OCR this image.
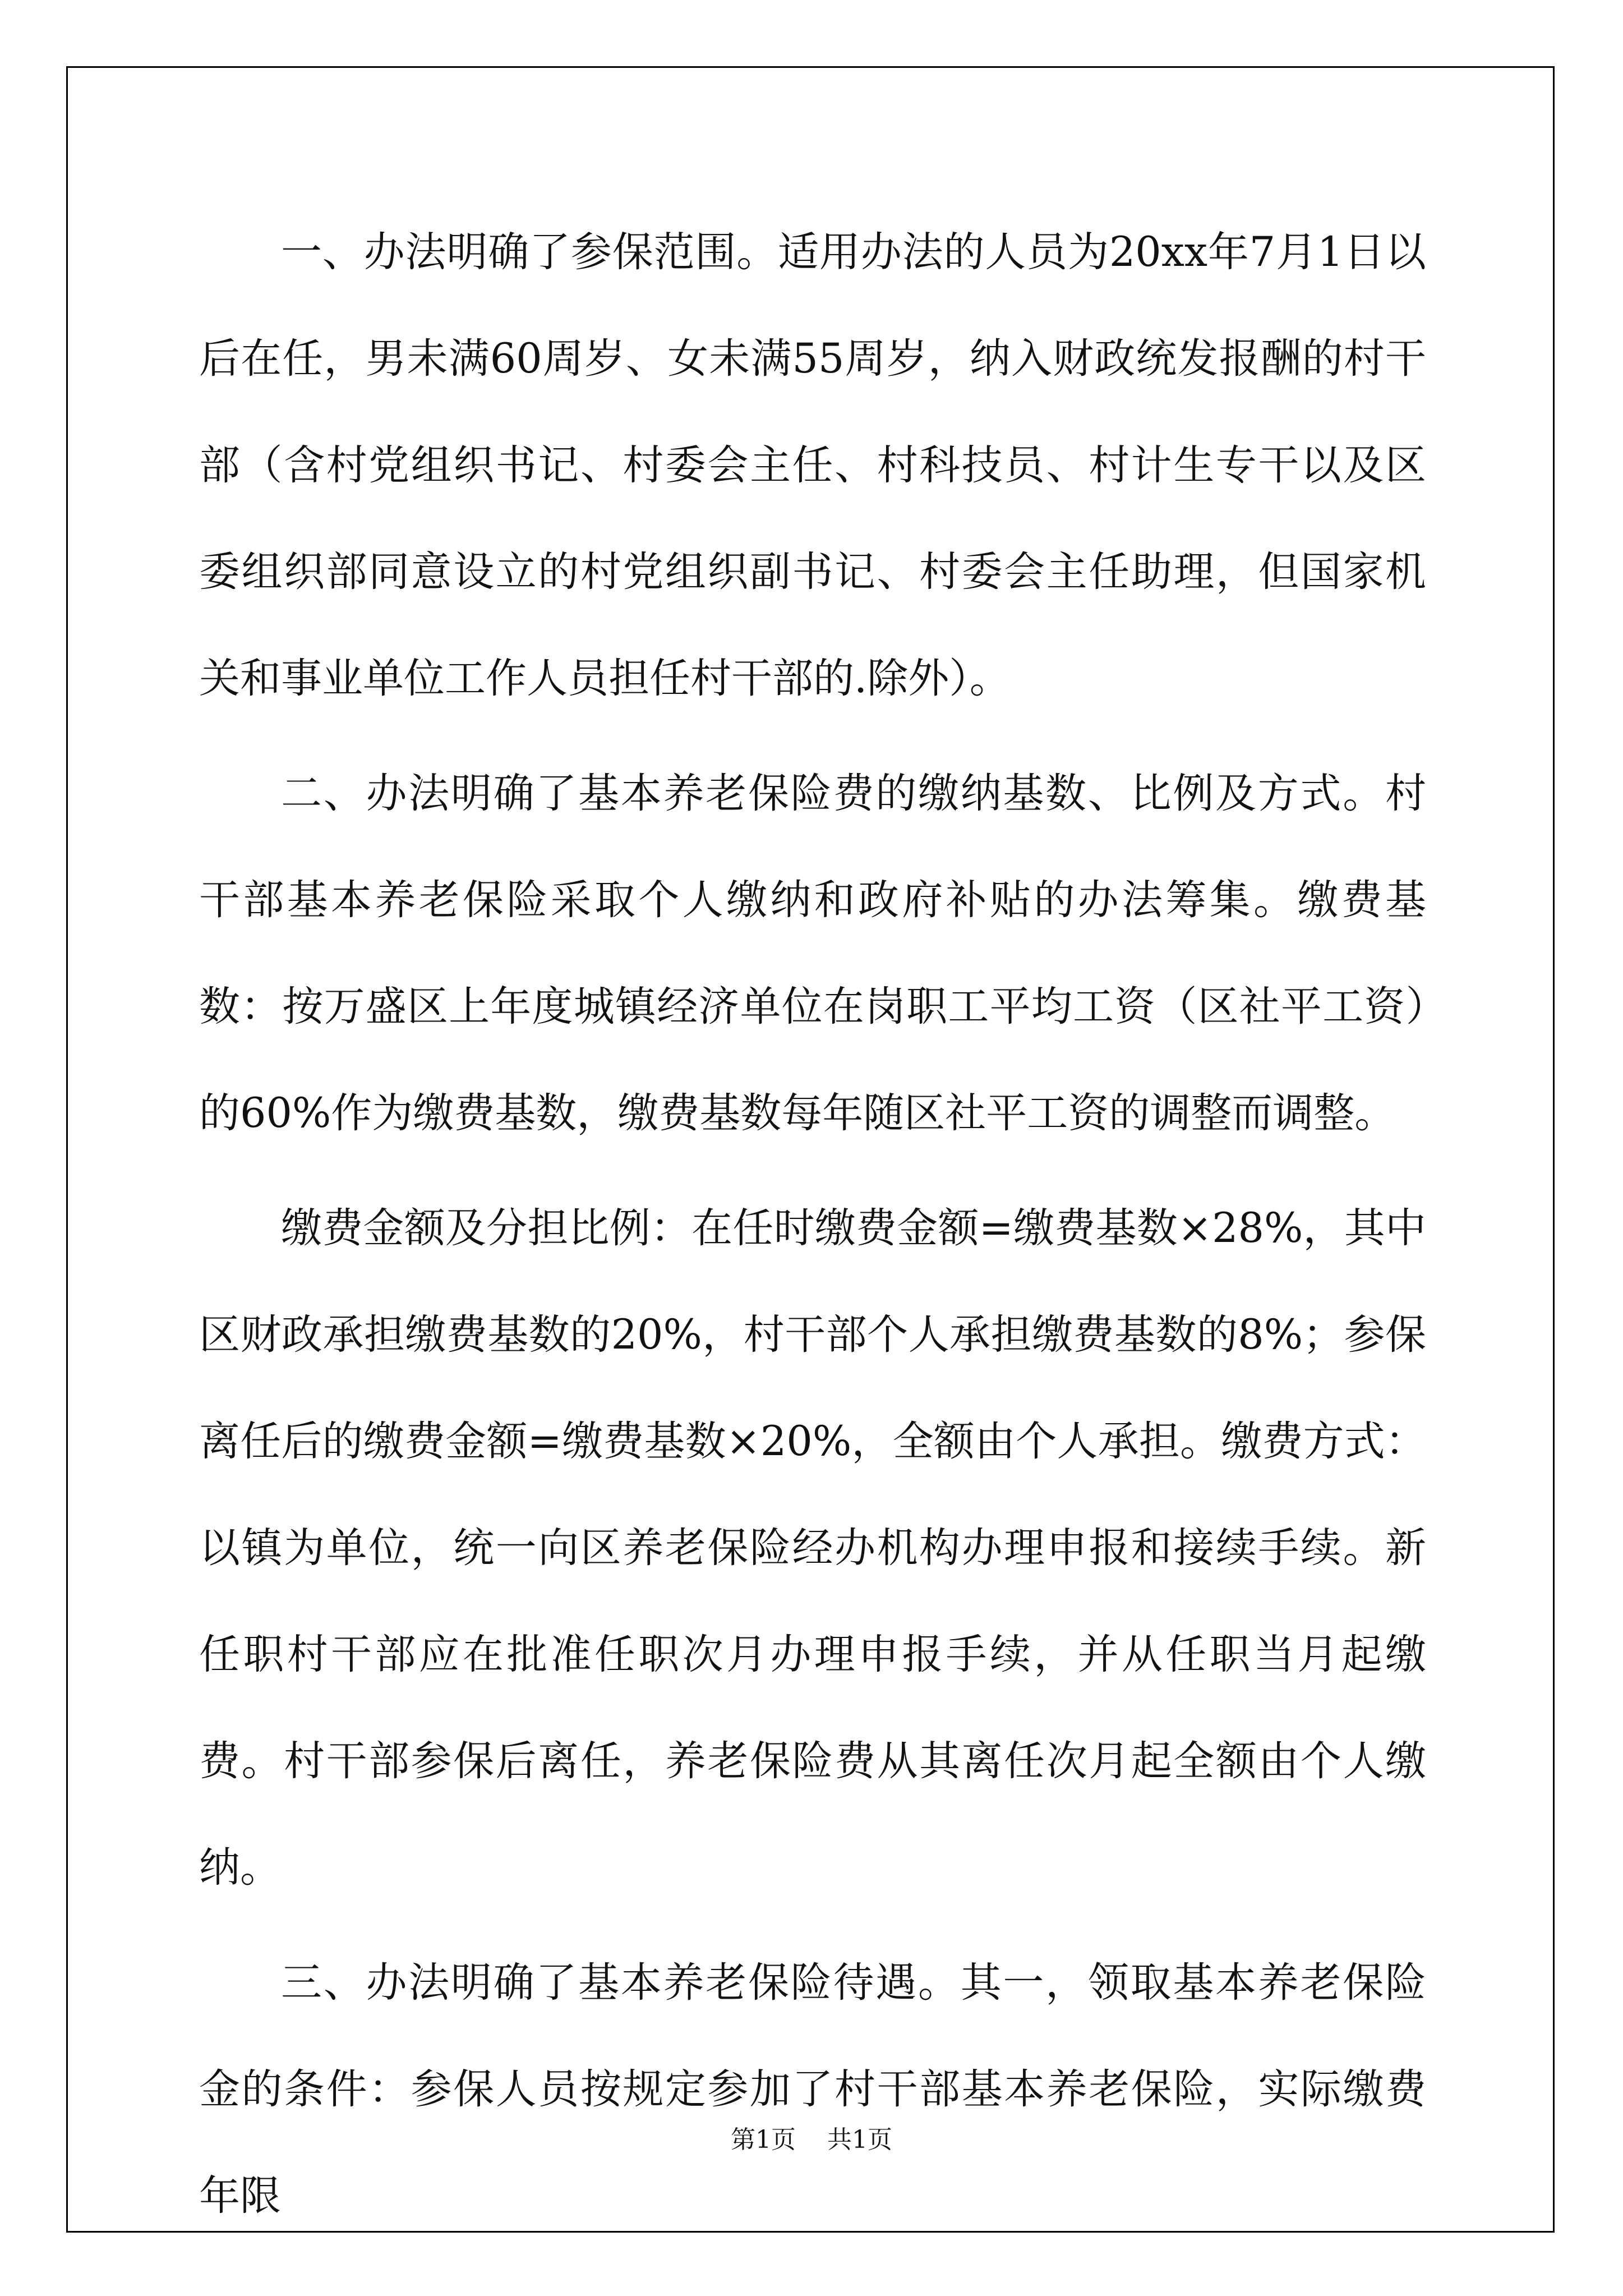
一、办法明确了参保范围。适用办法的人员为20xx年7月1日以后在任，男未满60周岁、女未满55周岁，纳入财政统发报酬的村干部（含村党组织书记、村委会主任、村科技员、村计生专干以及区委组织部同意设立的村党组织副书记、村委会主任助理，但国家机关和事业单位工作人员担任村干部的.除外）。

二、办法明确了基本养老保险费的缴纳基数、比例及方式。村干部基本养老保险采取个人缴纳和政府补贴的办法筹集。缴费基数：按万盛区上年度城镇经济单位在岗职工平均工资（区社平工资）的60%作为缴费基数，缴费基数每年随区社平工资的调整而调整。

缴费金额及分担比例：在任时缴费金额=缴费基数×28%，其中区财政承担缴费基数的20%，村干部个人承担缴费基数的8%；参保离任后的缴费金额=缴费基数×20%，全额由个人承担。缴费方式：以镇为单位，统一向区养老保险经办机构办理申报和接续手续。新任职村干部应在批准任职次月办理申报手续，并从任职当月起缴费。村干部参保后离任，养老保险费从其离任次月起全额由个人缴纳。

三、办法明确了基本养老保险待遇。其一，领取基本养老保险金的条件：参保人员按规定参加了村干部基本养老保险，实际缴费年限

第1页    共1页
